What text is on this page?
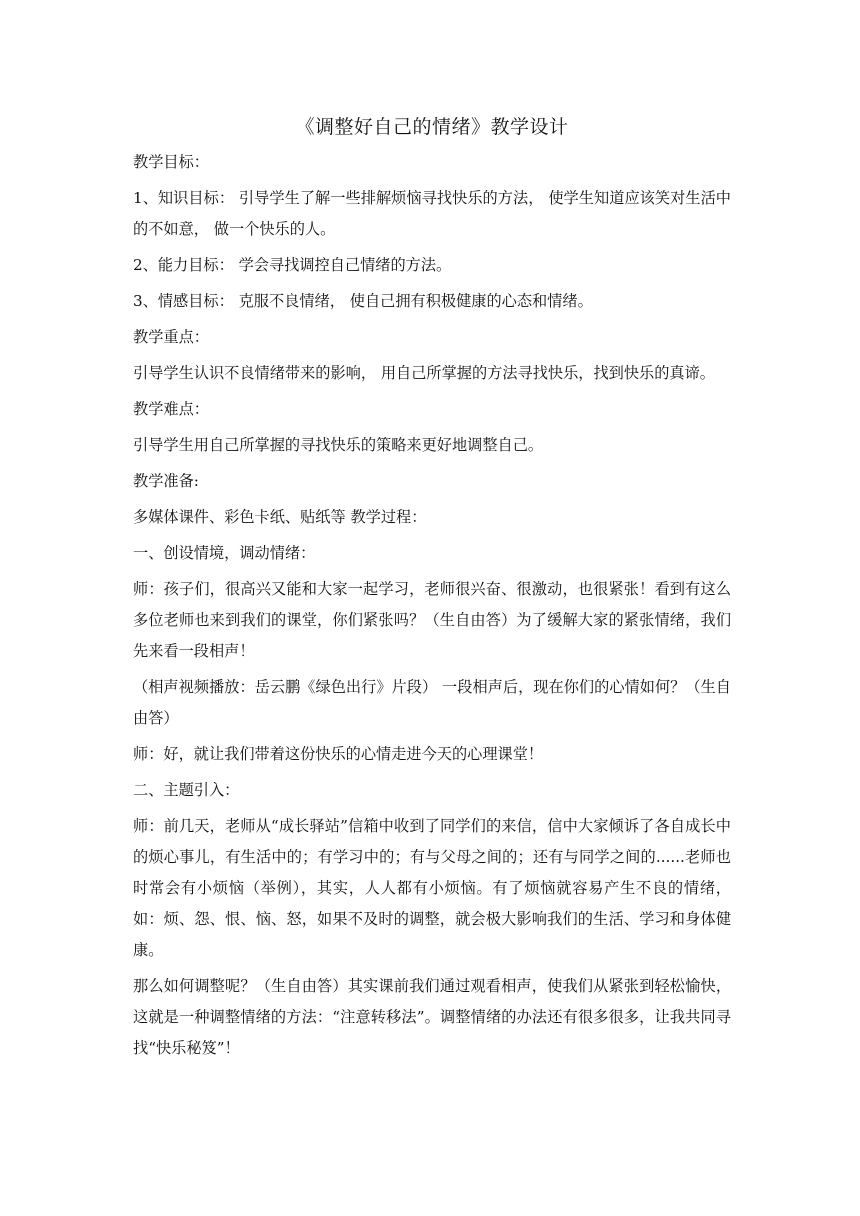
《调整好自己的情绪》教学设计
教学目标：
1、知识目标： 引导学生了解一些排解烦恼寻找快乐的方法， 使学生知道应该笑对生活中的不如意， 做一个快乐的人。
2、能力目标： 学会寻找调控自己情绪的方法。
3、情感目标： 克服不良情绪， 使自己拥有积极健康的心态和情绪。
教学重点：
引导学生认识不良情绪带来的影响， 用自己所掌握的方法寻找快乐，找到快乐的真谛。
教学难点：
引导学生用自己所掌握的寻找快乐的策略来更好地调整自己。
教学准备:
多媒体课件、彩色卡纸、贴纸等 教学过程：
一、创设情境，调动情绪：
师：孩子们，很高兴又能和大家一起学习，老师很兴奋、很激动，也很紧张！看到有这么多位老师也来到我们的课堂，你们紧张吗？（生自由答）为了缓解大家的紧张情绪，我们先来看一段相声！
（相声视频播放：岳云鹏《绿色出行》片段） 一段相声后，现在你们的心情如何？（生自由答）
师：好，就让我们带着这份快乐的心情走进今天的心理课堂！
二、主题引入：
师：前几天，老师从“成长驿站”信箱中收到了同学们的来信，信中大家倾诉了各自成长中的烦心事儿，有生活中的；有学习中的；有与父母之间的；还有与同学之间的......老师也时常会有小烦恼（举例），其实，人人都有小烦恼。有了烦恼就容易产生不良的情绪，如：烦、怨、恨、恼、怒，如果不及时的调整，就会极大影响我们的生活、学习和身体健康。
那么如何调整呢？（生自由答）其实课前我们通过观看相声，使我们从紧张到轻松愉快，这就是一种调整情绪的方法：“注意转移法”。调整情绪的办法还有很多很多，让我共同寻找“快乐秘笈”！
